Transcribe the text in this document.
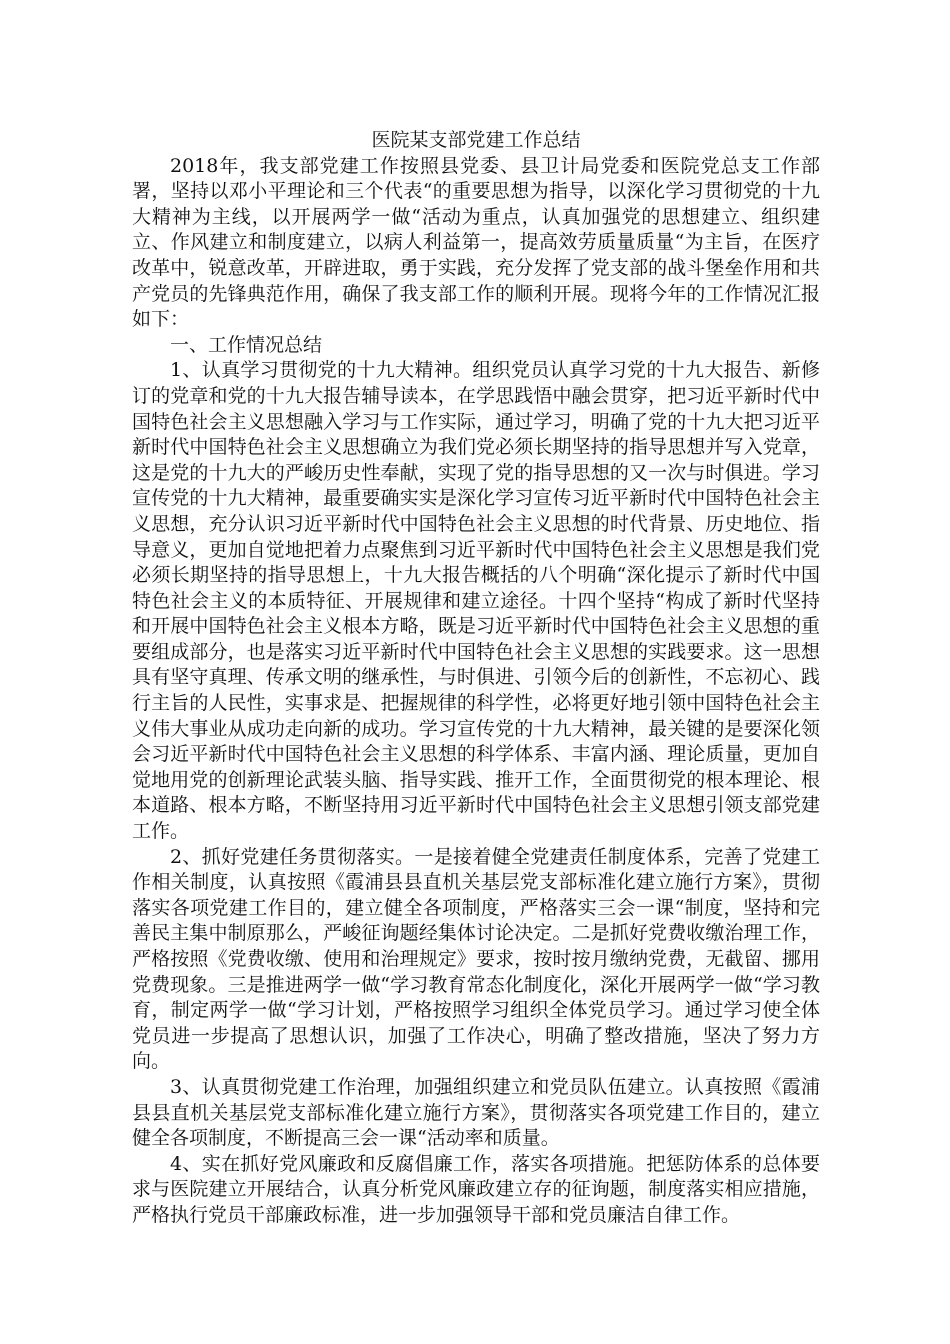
医院某支部党建工作总结

2018年，我支部党建工作按照县党委、县卫计局党委和医院党总支工作部署，坚持以邓小平理论和三个代表“的重要思想为指导，以深化学习贯彻党的十九大精神为主线，以开展两学一做“活动为重点，认真加强党的思想建立、组织建立、作风建立和制度建立，以病人利益第一，提高效劳质量质量“为主旨，在医疗改革中，锐意改革，开辟进取，勇于实践，充分发挥了党支部的战斗堡垒作用和共产党员的先锋典范作用，确保了我支部工作的顺利开展。现将今年的工作情况汇报如下：

一、工作情况总结

1、认真学习贯彻党的十九大精神。组织党员认真学习党的十九大报告、新修订的党章和党的十九大报告辅导读本，在学思践悟中融会贯穿，把习近平新时代中国特色社会主义思想融入学习与工作实际，通过学习，明确了党的十九大把习近平新时代中国特色社会主义思想确立为我们党必须长期坚持的指导思想并写入党章，这是党的十九大的严峻历史性奉献，实现了党的指导思想的又一次与时俱进。学习宣传党的十九大精神，最重要确实实是深化学习宣传习近平新时代中国特色社会主义思想，充分认识习近平新时代中国特色社会主义思想的时代背景、历史地位、指导意义，更加自觉地把着力点聚焦到习近平新时代中国特色社会主义思想是我们党必须长期坚持的指导思想上，十九大报告概括的八个明确“深化提示了新时代中国特色社会主义的本质特征、开展规律和建立途径。十四个坚持“构成了新时代坚持和开展中国特色社会主义根本方略，既是习近平新时代中国特色社会主义思想的重要组成部分，也是落实习近平新时代中国特色社会主义思想的实践要求。这一思想具有坚守真理、传承文明的继承性，与时俱进、引领今后的创新性，不忘初心、践行主旨的人民性，实事求是、把握规律的科学性，必将更好地引领中国特色社会主义伟大事业从成功走向新的成功。学习宣传党的十九大精神，最关键的是要深化领会习近平新时代中国特色社会主义思想的科学体系、丰富内涵、理论质量，更加自觉地用党的创新理论武装头脑、指导实践、推开工作，全面贯彻党的根本理论、根本道路、根本方略，不断坚持用习近平新时代中国特色社会主义思想引领支部党建工作。

2、抓好党建任务贯彻落实。一是接着健全党建责任制度体系，完善了党建工作相关制度，认真按照《霞浦县县直机关基层党支部标准化建立施行方案》，贯彻落实各项党建工作目的，建立健全各项制度，严格落实三会一课“制度，坚持和完善民主集中制原那么，严峻征询题经集体讨论决定。二是抓好党费收缴治理工作，严格按照《党费收缴、使用和治理规定》要求，按时按月缴纳党费，无截留、挪用党费现象。三是推进两学一做“学习教育常态化制度化，深化开展两学一做“学习教育，制定两学一做“学习计划，严格按照学习组织全体党员学习。通过学习使全体党员进一步提高了思想认识，加强了工作决心，明确了整改措施，坚决了努力方向。

3、认真贯彻党建工作治理，加强组织建立和党员队伍建立。认真按照《霞浦县县直机关基层党支部标准化建立施行方案》，贯彻落实各项党建工作目的，建立健全各项制度，不断提高三会一课“活动率和质量。

4、实在抓好党风廉政和反腐倡廉工作，落实各项措施。把惩防体系的总体要求与医院建立开展结合，认真分析党风廉政建立存的征询题，制度落实相应措施，严格执行党员干部廉政标准，进一步加强领导干部和党员廉洁自律工作。
